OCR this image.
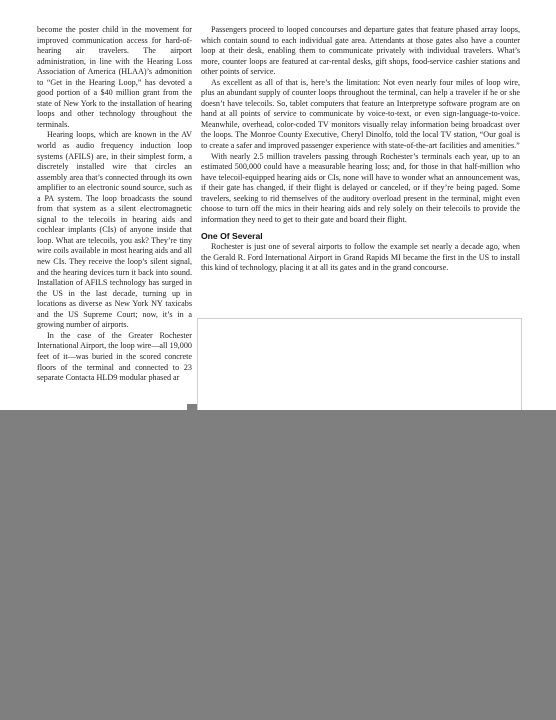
become the poster child in the movement for improved communication access for hard-of-hearing air travelers. The airport administration, in line with the Hearing Loss Association of America (HLAA)’s admonition to “Get in the Hearing Loop,” has devoted a good portion of a $40 million grant from the state of New York to the installation of hearing loops and other technology throughout the terminals.

Hearing loops, which are known in the AV world as audio frequency induction loop systems (AFILS) are, in their simplest form, a discretely installed wire that circles an assembly area that’s connected through its own amplifier to an electronic sound source, such as a PA system. The loop broadcasts the sound from that system as a silent electromagnetic signal to the telecoils in hearing aids and cochlear implants (CIs) of anyone inside that loop. What are telecoils, you ask? They’re tiny wire coils available in most hearing aids and all new CIs. They receive the loop’s silent signal, and the hearing devices turn it back into sound. Installation of AFILS technology has surged in the US in the last decade, turning up in locations as diverse as New York NY taxicabs and the US Supreme Court; now, it’s in a growing number of airports.

In the case of the Greater Rochester International Airport, the loop wire—all 19,000 feet of it—was buried in the scored concrete floors of the terminal and connected to 23 separate Contacta HLD9 modular phased ar

Passengers proceed to looped concourses and departure gates that feature phased array loops, which contain sound to each individual gate area. Attendants at those gates also have a counter loop at their desk, enabling them to communicate privately with individual travelers. What’s more, counter loops are featured at car-rental desks, gift shops, food-service cashier stations and other points of service.

As excellent as all of that is, here’s the limitation: Not even nearly four miles of loop wire, plus an abundant supply of counter loops throughout the terminal, can help a traveler if he or she doesn’t have telecoils. So, tablet computers that feature an Interpretype software program are on hand at all points of service to communicate by voice-to-text, or even sign-language-to-voice. Meanwhile, overhead, color-coded TV monitors visually relay information being broadcast over the loops. The Monroe County Executive, Cheryl Dinolfo, told the local TV station, “Our goal is to create a safer and improved passenger experience with state-of-the-art facilities and amenities.”

With nearly 2.5 million travelers passing through Rochester’s terminals each year, up to an estimated 500,000 could have a measurable hearing loss; and, for those in that half-million who have telecoil-equipped hearing aids or CIs, none will have to wonder what an announcement was, if their gate has changed, if their flight is delayed or canceled, or if they’re being paged. Some travelers, seeking to rid themselves of the auditory overload present in the terminal, might even choose to turn off the mics in their hearing aids and rely solely on their telecoils to provide the information they need to get to their gate and board their flight.

One Of Several

Rochester is just one of several airports to follow the example set nearly a decade ago, when the Gerald R. Ford International Airport in Grand Rapids MI became the first in the US to install this kind of technology, placing it at all its gates and in the grand concourse.
